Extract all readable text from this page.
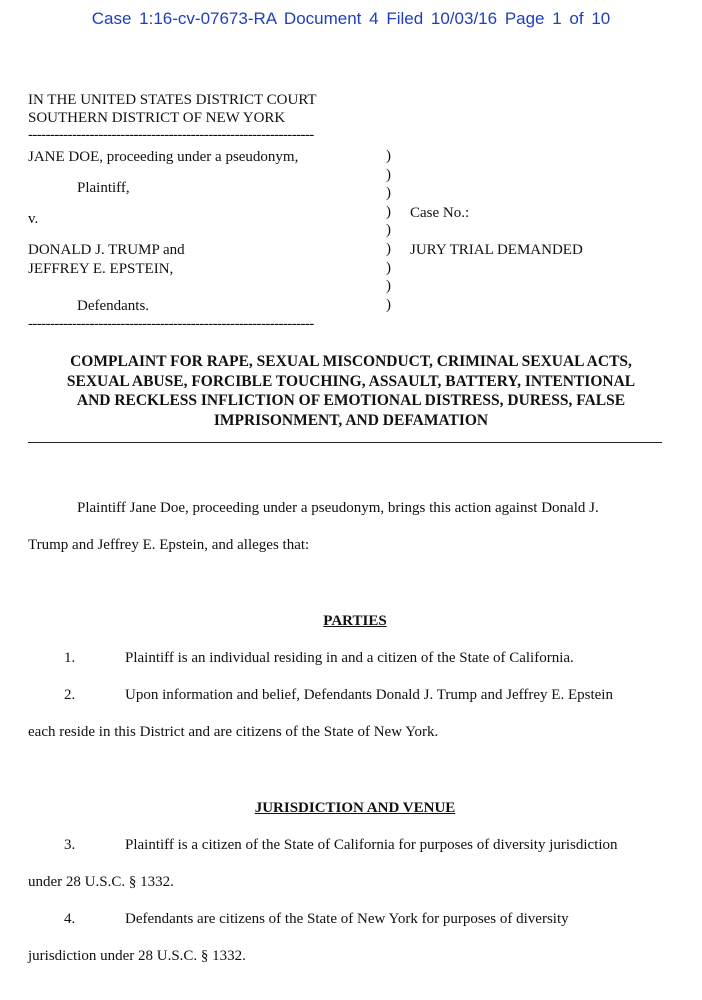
Case 1:16-cv-07673-RA Document 4 Filed 10/03/16 Page 1 of 10
IN THE UNITED STATES DISTRICT COURT
SOUTHERN DISTRICT OF NEW YORK
-----------------------------------------------------------------
JANE DOE, proceeding under a pseudonym,
Plaintiff,
v.
DONALD J. TRUMP and
JEFFREY E. EPSTEIN,
Defendants.
-----------------------------------------------------------------
)
)
)
)
)
)
)
)
)
Case No.:
JURY TRIAL DEMANDED
COMPLAINT FOR RAPE, SEXUAL MISCONDUCT, CRIMINAL SEXUAL ACTS,
SEXUAL ABUSE, FORCIBLE TOUCHING, ASSAULT, BATTERY, INTENTIONAL
AND RECKLESS INFLICTION OF EMOTIONAL DISTRESS, DURESS, FALSE
IMPRISONMENT, AND DEFAMATION
Plaintiff Jane Doe, proceeding under a pseudonym, brings this action against Donald J.
Trump and Jeffrey E. Epstein, and alleges that:
PARTIES
1.	Plaintiff is an individual residing in and a citizen of the State of California.
2.	Upon information and belief, Defendants Donald J. Trump and Jeffrey E. Epstein
each reside in this District and are citizens of the State of New York.
JURISDICTION AND VENUE
3.	Plaintiff is a citizen of the State of California for purposes of diversity jurisdiction
under 28 U.S.C. § 1332.
4.	Defendants are citizens of the State of New York for purposes of diversity
jurisdiction under 28 U.S.C. § 1332.
